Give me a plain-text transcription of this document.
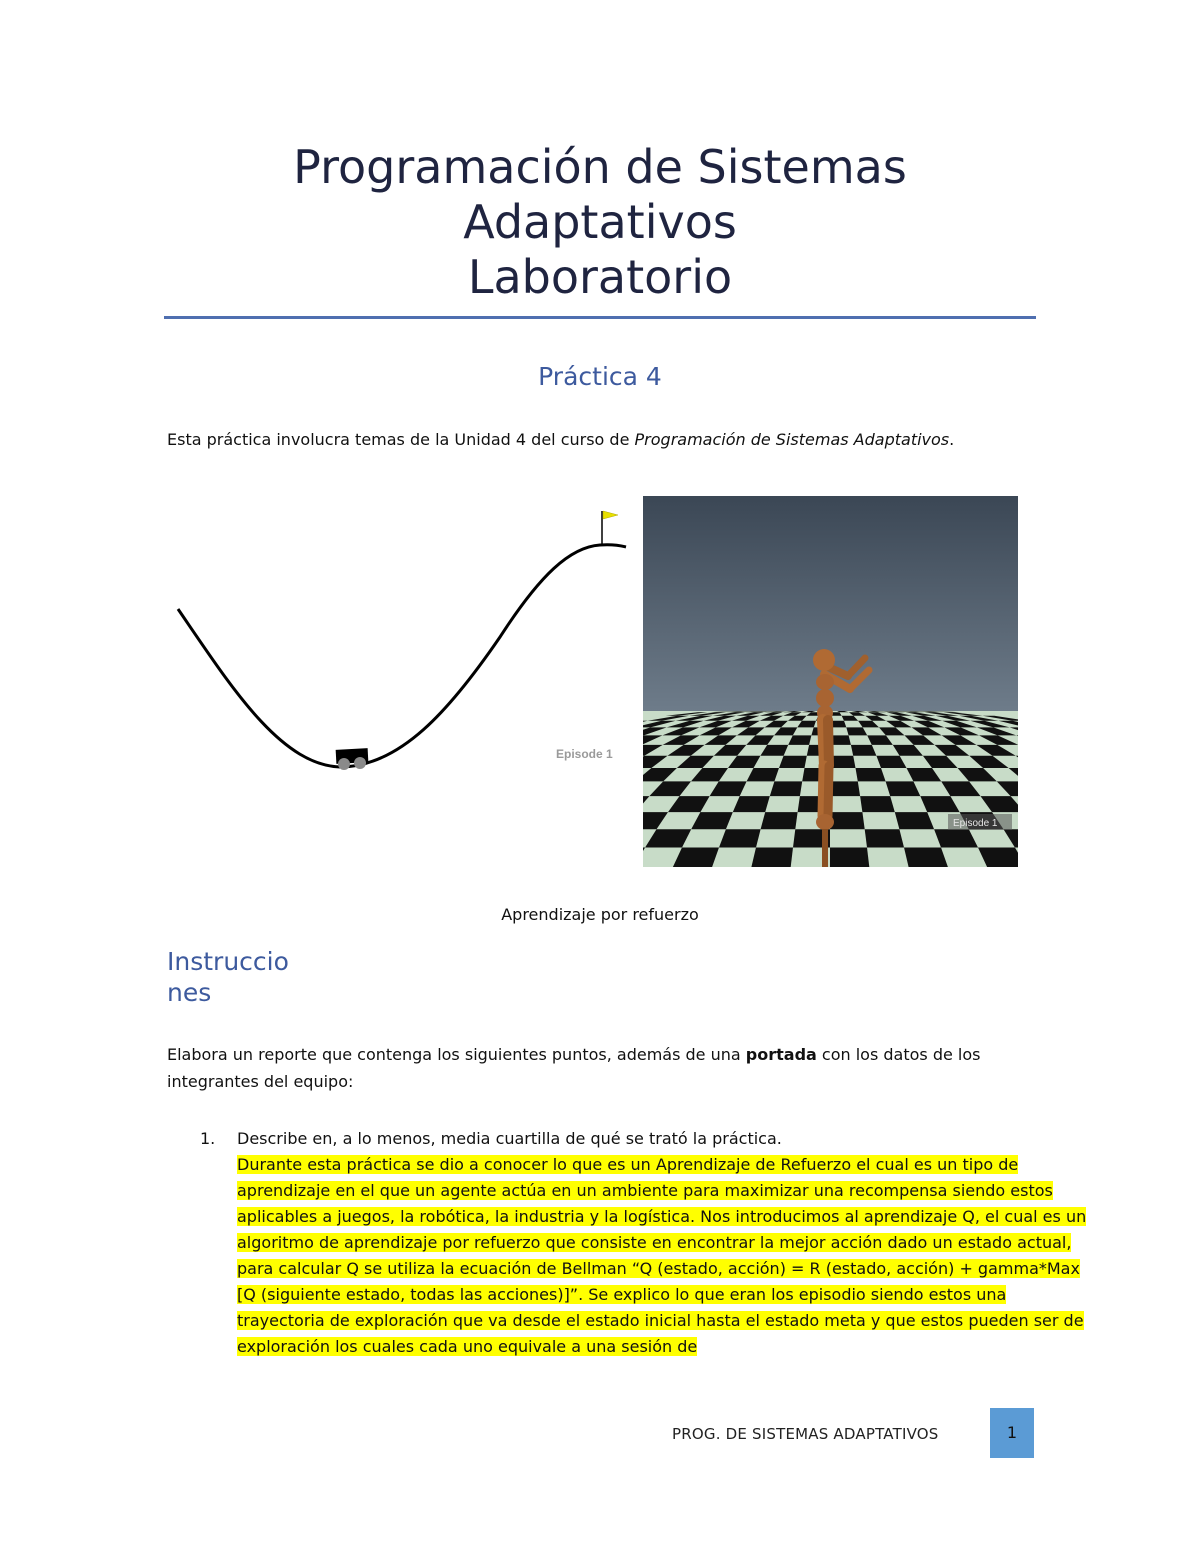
Programación de Sistemas
Adaptativos
Laboratorio
Práctica 4
Esta práctica involucra temas de la Unidad 4 del curso de Programación de Sistemas Adaptativos.
Episode 1
Episode 1
Aprendizaje por refuerzo
Instruccio
nes
Elabora un reporte que contenga los siguientes puntos, además de una portada con los datos de los integrantes del equipo:
1. Describe en, a lo menos, media cuartilla de qué se trató la práctica.
Durante esta práctica se dio a conocer lo que es un Aprendizaje de Refuerzo el cual es un tipo de aprendizaje en el que un agente actúa en un ambiente para maximizar una recompensa siendo estos aplicables a juegos, la robótica, la industria y la logística. Nos introducimos al aprendizaje Q, el cual es un algoritmo de aprendizaje por refuerzo que consiste en encontrar la mejor acción dado un estado actual, para calcular Q se utiliza la ecuación de Bellman “Q (estado, acción) = R (estado, acción) + gamma*Max [Q (siguiente estado, todas las acciones)]”. Se explico lo que eran los episodio siendo estos una trayectoria de exploración que va desde el estado inicial hasta el estado meta y que estos pueden ser de exploración los cuales cada uno equivale a una sesión de
PROG. DE SISTEMAS ADAPTATIVOS	1
